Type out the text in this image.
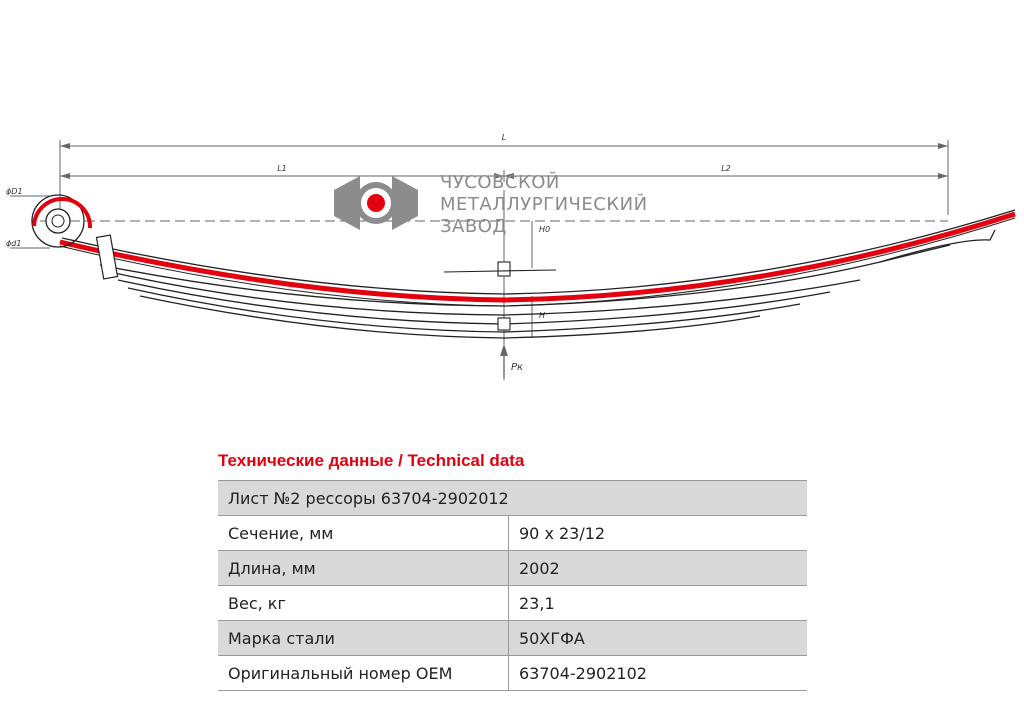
L
L1	L2
ϕD1
ϕd1
H0
H
Pк
ЧУСОВСКОЙ
МЕТАЛЛУРГИЧЕСКИЙ
ЗАВОД
Технические данные / Technical data
Лист №2 рессоры 63704-2902012	
Сечение, мм	90 x 23/12
Длина, мм	2002
Вес, кг	23,1
Марка стали	50ХГФА
Оригинальный номер OEM	63704-2902102
